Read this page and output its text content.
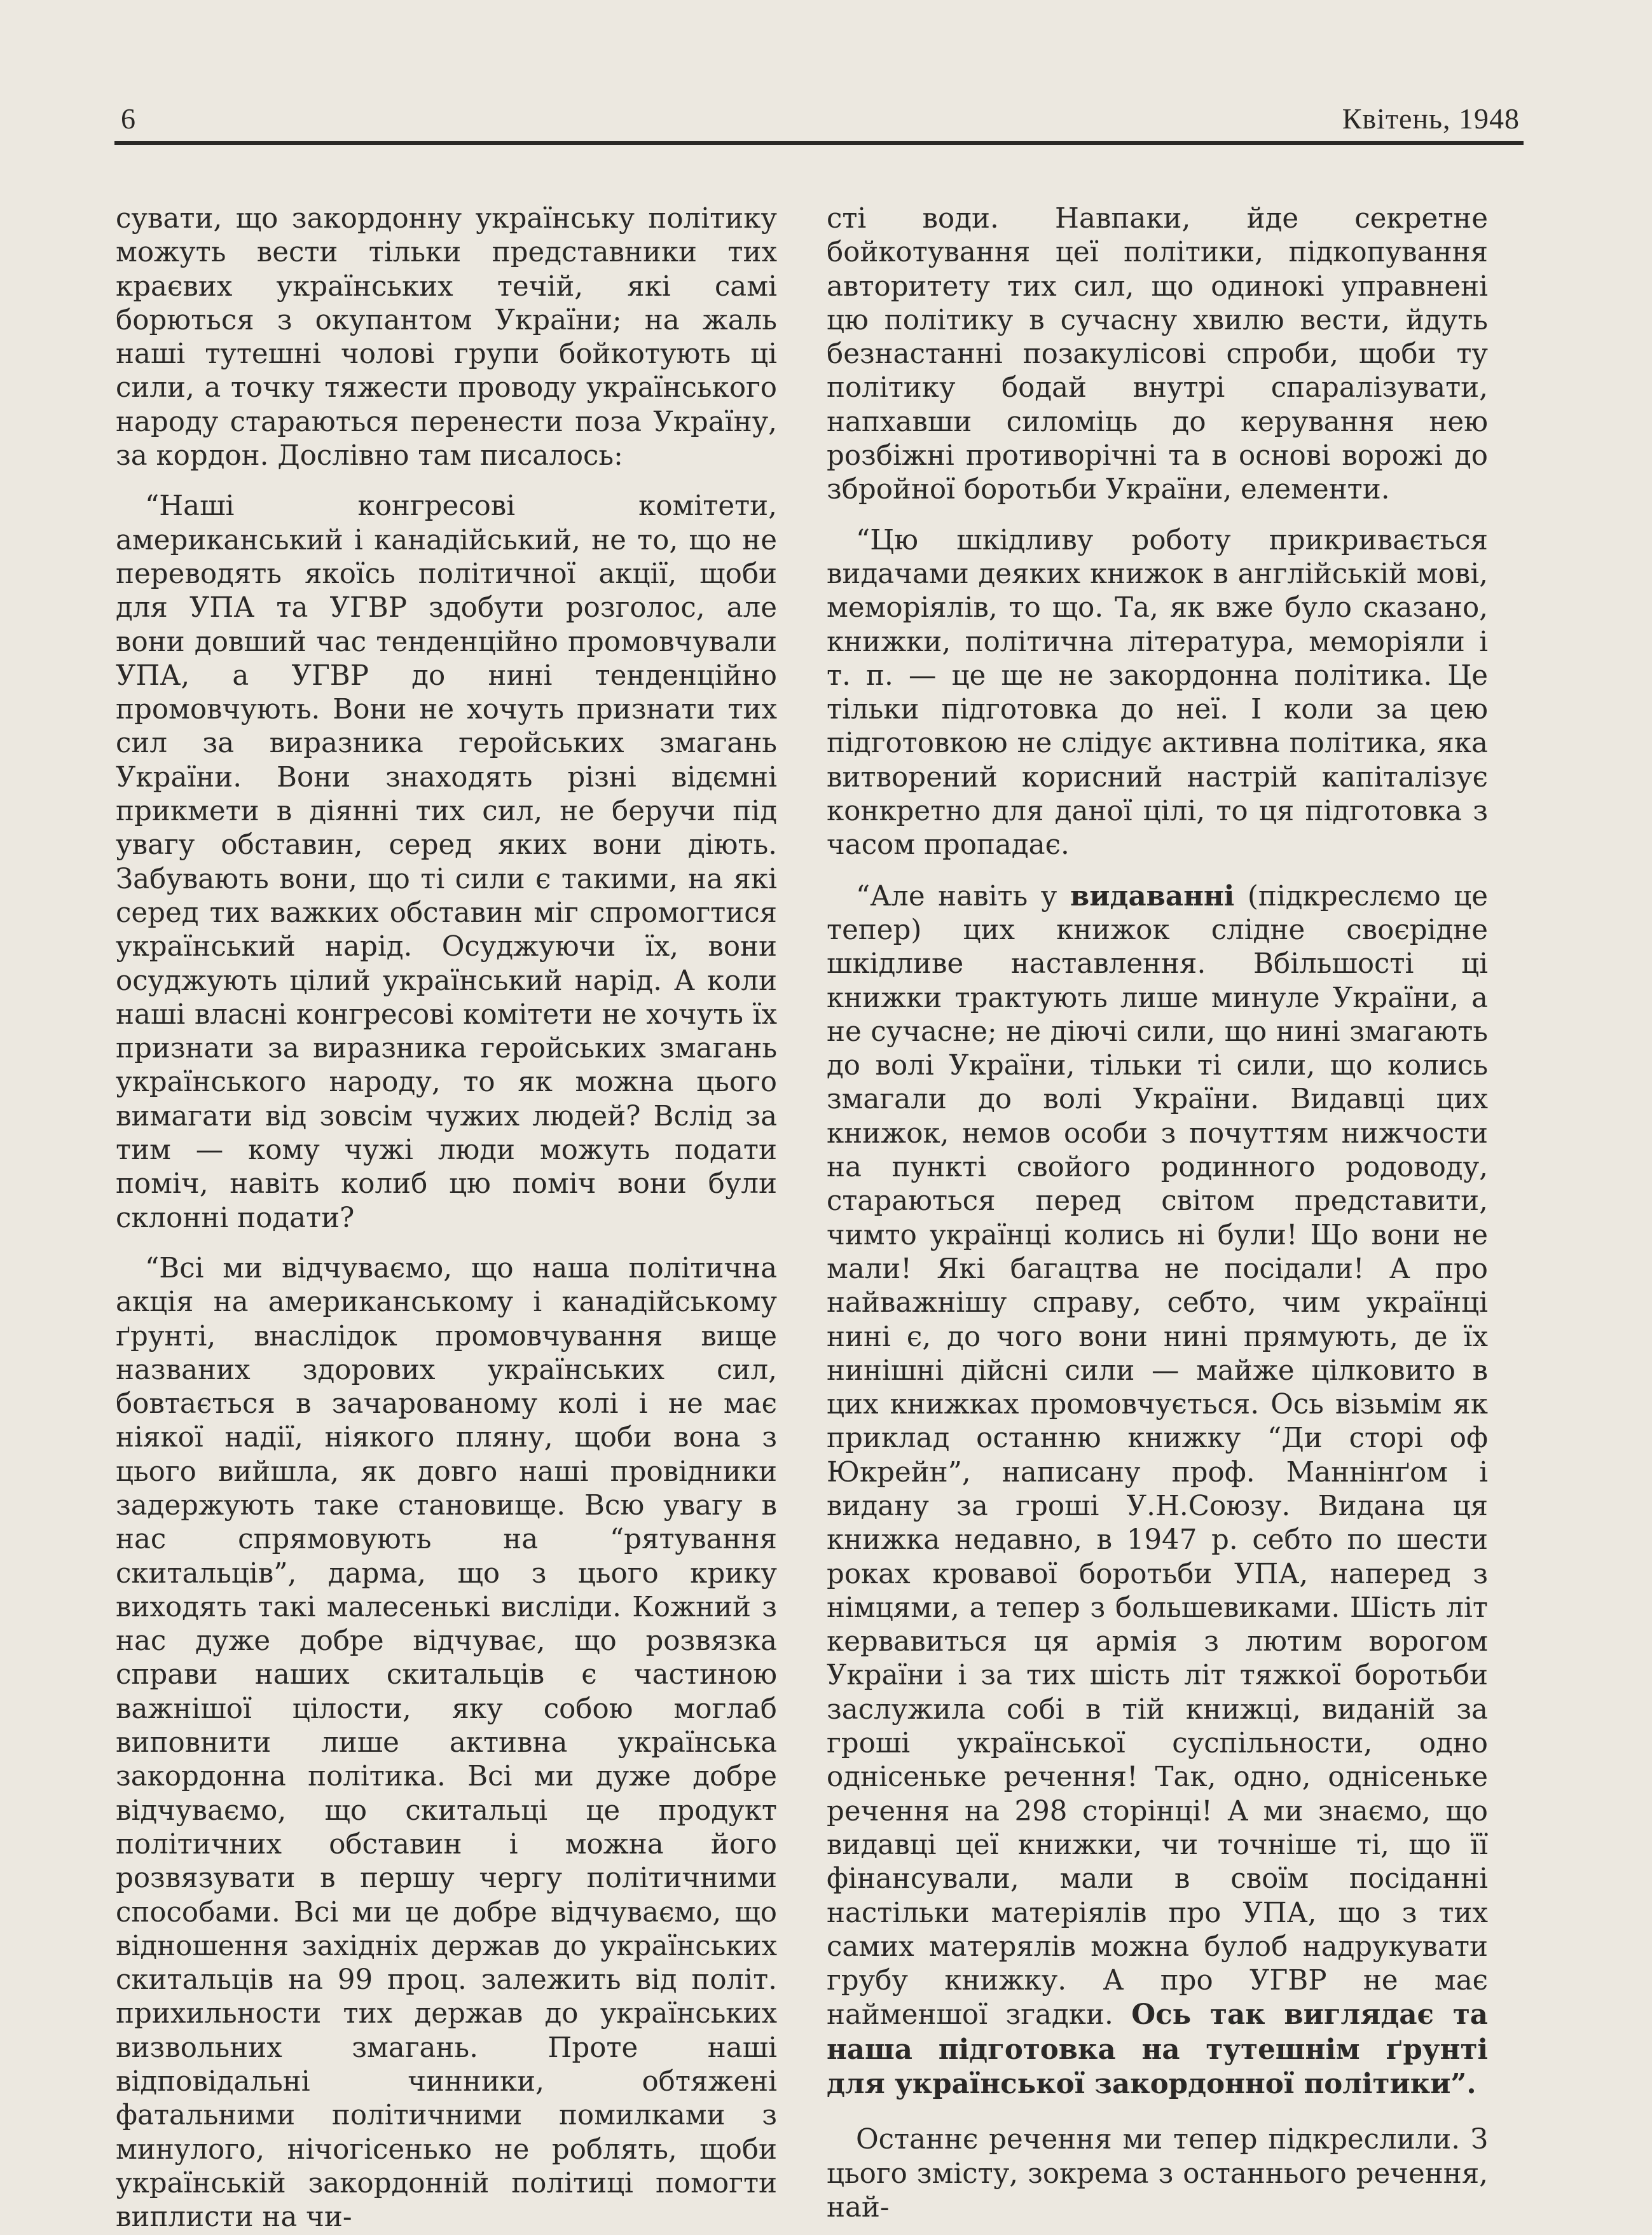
6	Квітень, 1948

сувати, що закордонну українську політику можуть вести тільки представники тих краєвих українських течій, які самі борються з окупантом України; на жаль наші тутешні чолові групи бойкотують ці сили, а точку тяжести проводу українського народу стараються перенести поза Україну, за кордон. Дослівно там писалось:

“Наші конгресові комітети, американський і канадійський, не то, що не переводять якоїсь політичної акції, щоби для УПА та УГВР здобути розголос, але вони довший час тенденційно промовчували УПА, а УГВР до нині тенденційно промовчують. Вони не хочуть признати тих сил за виразника геройських змагань України. Вони знаходять різні відємні прикмети в діянні тих сил, не беручи під увагу обставин, серед яких вони діють. Забувають вони, що ті сили є такими, на які серед тих важких обставин міг спромогтися український нарід. Осуджуючи їх, вони осуджують цілий український нарід. А коли наші власні конгресові комітети не хочуть їх признати за виразника геройських змагань українського народу, то як можна цього вимагати від зовсім чужих людей? Вслід за тим — кому чужі люди можуть подати поміч, навіть колиб цю поміч вони були склонні подати?

“Всі ми відчуваємо, що наша політична акція на американському і канадійському ґрунті, внаслідок промовчування вище названих здорових українських сил, бовтається в зачарованому колі і не має ніякої надії, ніякого пляну, щоби вона з цього вийшла, як довго наші провідники задержують таке становище. Всю увагу в нас спрямовують на “рятування скитальців”, дарма, що з цього крику виходять такі малесенькі висліди. Кожний з нас дуже добре відчуває, що розвязка справи наших скитальців є частиною важнішої цілости, яку собою моглаб виповнити лише активна українська закордонна політика. Всі ми дуже добре відчуваємо, що скитальці це продукт політичних обставин і можна його розвязувати в першу чергу політичними способами. Всі ми це добре відчуваємо, що відношення західніх держав до українських скитальців на 99 проц. залежить від політ. прихильности тих держав до українських визвольних змагань. Проте наші відповідальні чинники, обтяжені фатальними політичними помилками з минулого, нічогісенько не роблять, щоби українській закордонній політиці помогти виплисти на чи-

сті води. Навпаки, йде секретне бойкотування цеї політики, підкопування авторитету тих сил, що одинокі управнені цю політику в сучасну хвилю вести, йдуть безнастанні позакулісові спроби, щоби ту політику бодай внутрі спаралізувати, напхавши силоміць до керування нею розбіжні противорічні та в основі ворожі до збройної боротьби України, елементи.

“Цю шкідливу роботу прикривається видачами деяких книжок в англійській мові, меморіялів, то що. Та, як вже було сказано, книжки, політична література, меморіяли і т. п. — це ще не закордонна політика. Це тільки підготовка до неї. І коли за цею підготовкою не слідує активна політика, яка витворений корисний настрій капіталізує конкретно для даної цілі, то ця підготовка з часом пропадає.

“Але навіть у видаванні (підкреслємо це тепер) цих книжок слідне своєрідне шкідливе наставлення. Вбільшості ці книжки трактують лише минуле України, а не сучасне; не діючі сили, що нині змагають до волі України, тільки ті сили, що колись змагали до волі України. Видавці цих книжок, немов особи з почуттям нижчости на пункті свойого родинного родоводу, стараються перед світом представити, чимто українці колись ні були! Що вони не мали! Які багацтва не посідали! А про найважнішу справу, себто, чим українці нині є, до чого вони нині прямують, де їх нинішні дійсні сили — майже цілковито в цих книжках промовчується. Ось візьмім як приклад останню книжку “Ди сторі оф Юкрейн”, написану проф. Маннінґом і видану за гроші У.Н.Союзу. Видана ця книжка недавно, в 1947 р. себто по шести роках кровавої боротьби УПА, наперед з німцями, а тепер з большевиками. Шість літ кервавиться ця армія з лютим ворогом України і за тих шість літ тяжкої боротьби заслужила собі в тій книжці, виданій за гроші української суспільности, одно однісеньке речення! Так, одно, однісеньке речення на 298 сторінці! А ми знаємо, що видавці цеї книжки, чи точніше ті, що її фінансували, мали в своїм посіданні настільки матеріялів про УПА, що з тих самих матерялів можна булоб надрукувати грубу книжку. А про УГВР не має найменшої згадки. Ось так виглядає та наша підготовка на тутешнім ґрунті для української закордонної політики”.

Останнє речення ми тепер підкреслили. З цього змісту, зокрема з останнього речення, най-
